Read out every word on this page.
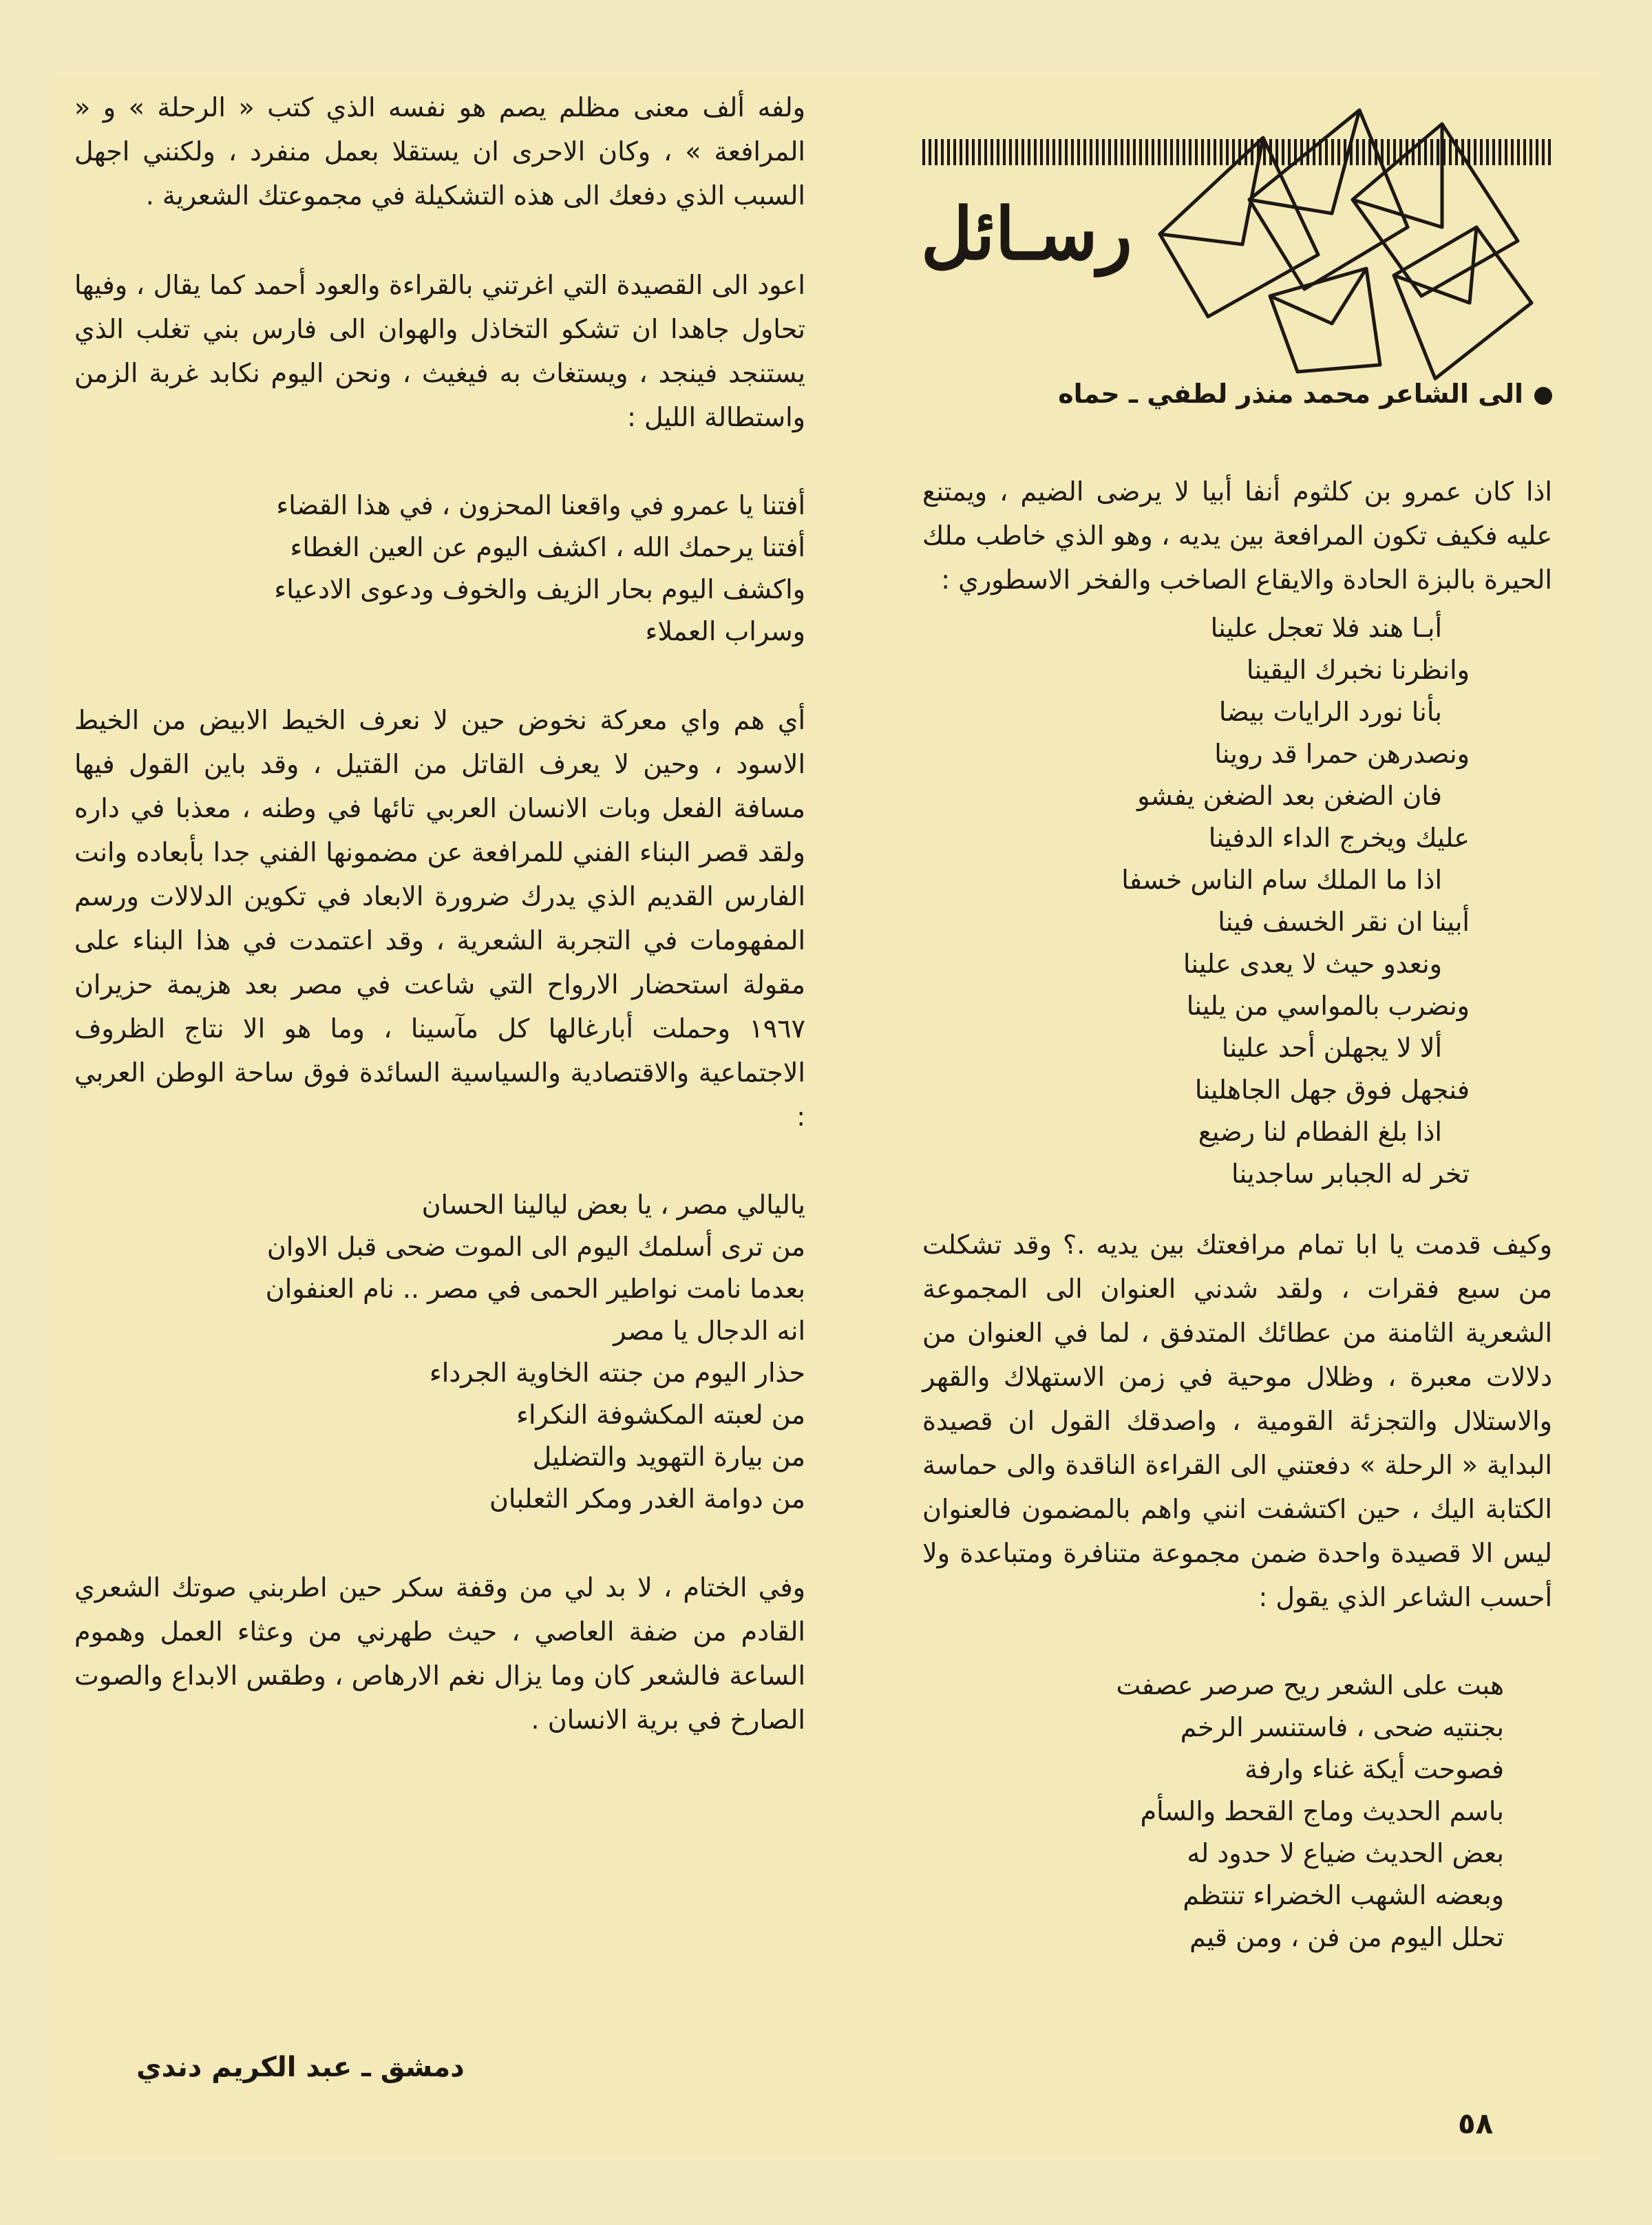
رسـائل
الى الشاعر محمد منذر لطفي ـ حماه

اذا كان عمرو بن كلثوم أنفا أبيا لا يرضى الضيم ، ويمتنع عليه فكيف تكون المرافعة بين يديه ، وهو الذي خاطب ملك الحيرة بالبزة الحادة والايقاع الصاخب والفخر الاسطوري :

أبـا هند فلا تعجل علينا
وانظرنا نخبرك اليقينا
بأنا نورد الرايات بيضا
ونصدرهن حمرا قد روينا
فان الضغن بعد الضغن يفشو
عليك ويخرج الداء الدفينا
اذا ما الملك سام الناس خسفا
أبينا ان نقر الخسف فينا
ونعدو حيث لا يعدى علينا
ونضرب بالمواسي من يلينا
ألا لا يجهلن أحد علينا
فنجهل فوق جهل الجاهلينا
اذا بلغ الفطام لنا رضيع
تخر له الجبابر ساجدينا

وكيف قدمت يا ابا تمام مرافعتك بين يديه .؟ وقد تشكلت من سبع فقرات ، ولقد شدني العنوان الى المجموعة الشعرية الثامنة من عطائك المتدفق ، لما في العنوان من دلالات معبرة ، وظلال موحية في زمن الاستهلاك والقهر والاستلال والتجزئة القومية ، واصدقك القول ان قصيدة البداية « الرحلة » دفعتني الى القراءة الناقدة والى حماسة الكتابة اليك ، حين اكتشفت انني واهم بالمضمون فالعنوان ليس الا قصيدة واحدة ضمن مجموعة متنافرة ومتباعدة ولا أحسب الشاعر الذي يقول :

هبت على الشعر ريح صرصر عصفت
بجنتيه ضحى ، فاستنسر الرخم
فصوحت أيكة غناء وارفة
باسم الحديث وماج القحط والسأم
بعض الحديث ضياع لا حدود له
وبعضه الشهب الخضراء تنتظم
تحلل اليوم من فن ، ومن قيم

ولفه ألف معنى مظلم يصم هو نفسه الذي كتب « الرحلة » و « المرافعة » ، وكان الاحرى ان يستقلا بعمل منفرد ، ولكنني اجهل السبب الذي دفعك الى هذه التشكيلة في مجموعتك الشعرية .

اعود الى القصيدة التي اغرتني بالقراءة والعود أحمد كما يقال ، وفيها تحاول جاهدا ان تشكو التخاذل والهوان الى فارس بني تغلب الذي يستنجد فينجد ، ويستغاث به فيغيث ، ونحن اليوم نكابد غربة الزمن واستطالة الليل :

أفتنا يا عمرو في واقعنا المحزون ، في هذا القضاء
أفتنا يرحمك الله ، اكشف اليوم عن العين الغطاء
واكشف اليوم بحار الزيف والخوف ودعوى الادعياء
وسراب العملاء

أي هم واي معركة نخوض حين لا نعرف الخيط الابيض من الخيط الاسود ، وحين لا يعرف القاتل من القتيل ، وقد باين القول فيها مسافة الفعل وبات الانسان العربي تائها في وطنه ، معذبا في داره ولقد قصر البناء الفني للمرافعة عن مضمونها الفني جدا بأبعاده وانت الفارس القديم الذي يدرك ضرورة الابعاد في تكوين الدلالات ورسم المفهومات في التجربة الشعرية ، وقد اعتمدت في هذا البناء على مقولة استحضار الارواح التي شاعت في مصر بعد هزيمة حزيران ١٩٦٧ وحملت أبارغالها كل مآسينا ، وما هو الا نتاج الظروف الاجتماعية والاقتصادية والسياسية السائدة فوق ساحة الوطن العربي :

ياليالي مصر ، يا بعض ليالينا الحسان
من ترى أسلمك اليوم الى الموت ضحى قبل الاوان
بعدما نامت نواطير الحمى في مصر .. نام العنفوان
انه الدجال يا مصر
حذار اليوم من جنته الخاوية الجرداء
من لعبته المكشوفة النكراء
من بيارة التهويد والتضليل
من دوامة الغدر ومكر الثعلبان

وفي الختام ، لا بد لي من وقفة سكر حين اطربني صوتك الشعري القادم من ضفة العاصي ، حيث طهرني من وعثاء العمل وهموم الساعة فالشعر كان وما يزال نغم الارهاص ، وطقس الابداع والصوت الصارخ في برية الانسان .

دمشق ـ عبد الكريم دندي
٥٨
